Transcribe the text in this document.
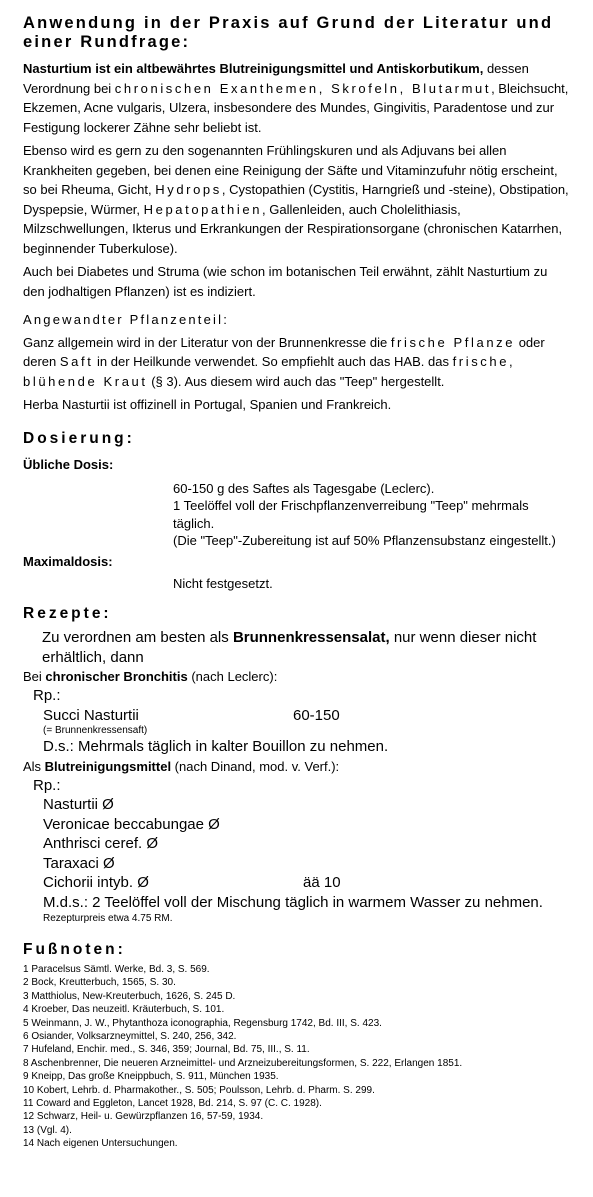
Anwendung in der Praxis auf Grund der Literatur und einer Rundfrage:

Nasturtium ist ein altbewährtes Blutreinigungsmittel und Antiskorbutikum, dessen Verordnung bei chronischen Exanthemen, Skrofeln, Blutarmut, Bleichsucht, Ekzemen, Acne vulgaris, Ulzera, insbesondere des Mundes, Gingivitis, Paradentose und zur Festigung lockerer Zähne sehr beliebt ist.

Ebenso wird es gern zu den sogenannten Frühlingskuren und als Adjuvans bei allen Krankheiten gegeben, bei denen eine Reinigung der Säfte und Vitaminzufuhr nötig erscheint, so bei Rheuma, Gicht, Hydrops, Cystopathien (Cystitis, Harngrieß und -steine), Obstipation, Dyspepsie, Würmer, Hepatopathien, Gallenleiden, auch Cholelithiasis, Milzschwellungen, Ikterus und Erkrankungen der Respirationsorgane (chronischen Katarrhen, beginnender Tuberkulose).

Auch bei Diabetes und Struma (wie schon im botanischen Teil erwähnt, zählt Nasturtium zu den jodhaltigen Pflanzen) ist es indiziert.

Angewandter Pflanzenteil:

Ganz allgemein wird in der Literatur von der Brunnenkresse die frische Pflanze oder deren Saft in der Heilkunde verwendet. So empfiehlt auch das HAB. das frische, blühende Kraut (§ 3). Aus diesem wird auch das "Teep" hergestellt.

Herba Nasturtii ist offizinell in Portugal, Spanien und Frankreich.

Dosierung:
Übliche Dosis:
60-150 g des Saftes als Tagesgabe (Leclerc).
1 Teelöffel voll der Frischpflanzenverreibung "Teep" mehrmals täglich.
(Die "Teep"-Zubereitung ist auf 50% Pflanzensubstanz eingestellt.)
Maximaldosis:
Nicht festgesetzt.
Rezepte:
Zu verordnen am besten als Brunnenkressensalat, nur wenn dieser nicht erhältlich, dann
Bei chronischer Bronchitis (nach Leclerc):
Rp.:
Succi Nasturtii	60-150
(= Brunnenkressensaft)
D.s.: Mehrmals täglich in kalter Bouillon zu nehmen.
Als Blutreinigungsmittel (nach Dinand, mod. v. Verf.):
Rp.:
Nasturtii Ø
Veronicae beccabungae Ø
Anthrisci ceref. Ø
Taraxaci Ø
Cichorii intyb. Ø	ää 10
M.d.s.: 2 Teelöffel voll der Mischung täglich in warmem Wasser zu nehmen.
Rezepturpreis etwa 4.75 RM.
Fußnoten:
1 Paracelsus Sämtl. Werke, Bd. 3, S. 569.
2 Bock, Kreutterbuch, 1565, S. 30.
3 Matthiolus, New-Kreuterbuch, 1626, S. 245 D.
4 Kroeber, Das neuzeitl. Kräuterbuch, S. 101.
5 Weinmann, J. W., Phytanthoza iconographia, Regensburg 1742, Bd. III, S. 423.
6 Osiander, Volksarzneymittel, S. 240, 256, 342.
7 Hufeland, Enchir. med., S. 346, 359; Journal, Bd. 75, III., S. 11.
8 Aschenbrenner, Die neueren Arzneimittel- und Arzneizubereitungsformen, S. 222, Erlangen 1851.
9 Kneipp, Das große Kneippbuch, S. 911, München 1935.
10 Kobert, Lehrb. d. Pharmakother., S. 505; Poulsson, Lehrb. d. Pharm. S. 299.
11 Coward and Eggleton, Lancet 1928, Bd. 214, S. 97 (C. C. 1928).
12 Schwarz, Heil- u. Gewürzpflanzen 16, 57-59, 1934.
13 (Vgl. 4).
14 Nach eigenen Untersuchungen.
